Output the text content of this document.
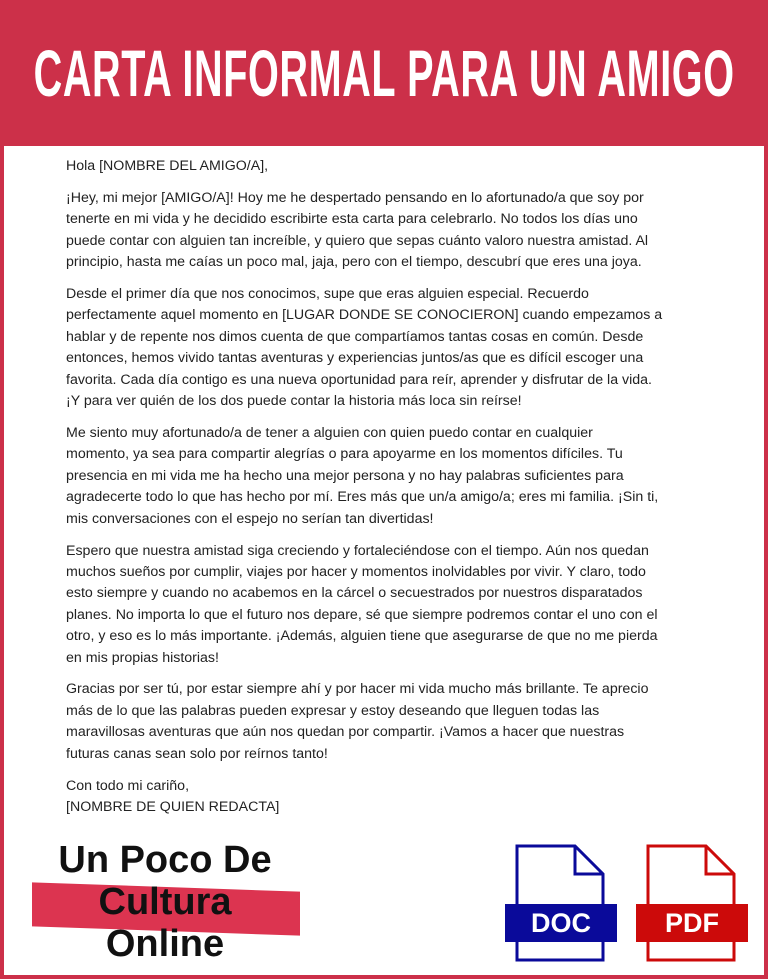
CARTA INFORMAL PARA UN AMIGO

Hola [NOMBRE DEL AMIGO/A],

¡Hey, mi mejor [AMIGO/A]! Hoy me he despertado pensando en lo afortunado/a que soy por
tenerte en mi vida y he decidido escribirte esta carta para celebrarlo. No todos los días uno
puede contar con alguien tan increíble, y quiero que sepas cuánto valoro nuestra amistad. Al
principio, hasta me caías un poco mal, jaja, pero con el tiempo, descubrí que eres una joya.

Desde el primer día que nos conocimos, supe que eras alguien especial. Recuerdo
perfectamente aquel momento en [LUGAR DONDE SE CONOCIERON] cuando empezamos a
hablar y de repente nos dimos cuenta de que compartíamos tantas cosas en común. Desde
entonces, hemos vivido tantas aventuras y experiencias juntos/as que es difícil escoger una
favorita. Cada día contigo es una nueva oportunidad para reír, aprender y disfrutar de la vida.
¡Y para ver quién de los dos puede contar la historia más loca sin reírse!

Me siento muy afortunado/a de tener a alguien con quien puedo contar en cualquier
momento, ya sea para compartir alegrías o para apoyarme en los momentos difíciles. Tu
presencia en mi vida me ha hecho una mejor persona y no hay palabras suficientes para
agradecerte todo lo que has hecho por mí. Eres más que un/a amigo/a; eres mi familia. ¡Sin ti,
mis conversaciones con el espejo no serían tan divertidas!

Espero que nuestra amistad siga creciendo y fortaleciéndose con el tiempo. Aún nos quedan
muchos sueños por cumplir, viajes por hacer y momentos inolvidables por vivir. Y claro, todo
esto siempre y cuando no acabemos en la cárcel o secuestrados por nuestros disparatados
planes. No importa lo que el futuro nos depare, sé que siempre podremos contar el uno con el
otro, y eso es lo más importante. ¡Además, alguien tiene que asegurarse de que no me pierda
en mis propias historias!

Gracias por ser tú, por estar siempre ahí y por hacer mi vida mucho más brillante. Te aprecio
más de lo que las palabras pueden expresar y estoy deseando que lleguen todas las
maravillosas aventuras que aún nos quedan por compartir. ¡Vamos a hacer que nuestras
futuras canas sean solo por reírnos tanto!

Con todo mi cariño,
[NOMBRE DE QUIEN REDACTA]

Un Poco De
Cultura
Online	DOC	PDF
